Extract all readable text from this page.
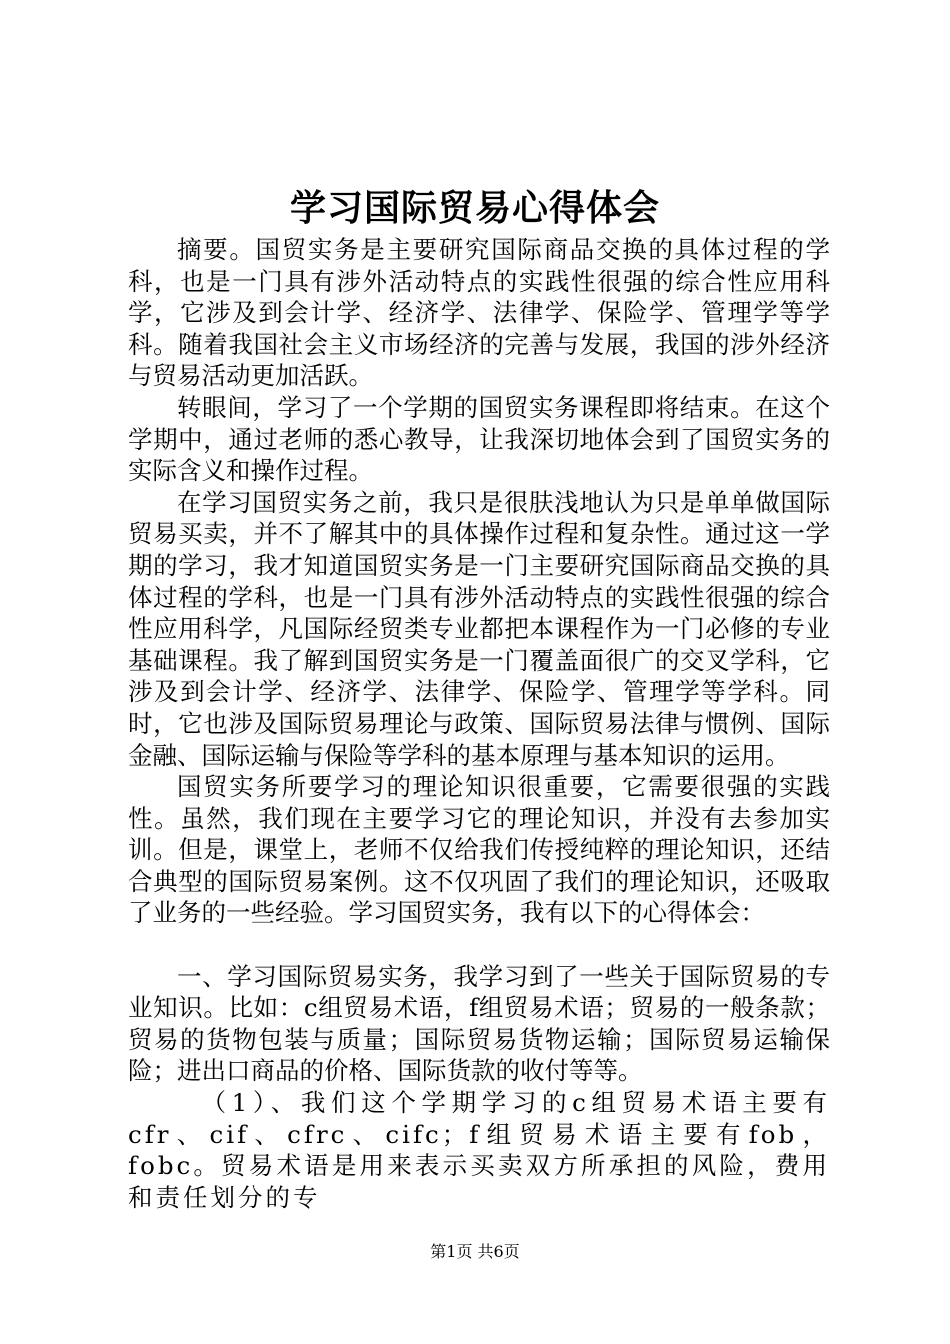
学习国际贸易心得体会

摘要。国贸实务是主要研究国际商品交换的具体过程的学科，也是一门具有涉外活动特点的实践性很强的综合性应用科学，它涉及到会计学、经济学、法律学、保险学、管理学等学科。随着我国社会主义市场经济的完善与发展，我国的涉外经济与贸易活动更加活跃。

转眼间，学习了一个学期的国贸实务课程即将结束。在这个学期中，通过老师的悉心教导，让我深切地体会到了国贸实务的实际含义和操作过程。

在学习国贸实务之前，我只是很肤浅地认为只是单单做国际贸易买卖，并不了解其中的具体操作过程和复杂性。通过这一学期的学习，我才知道国贸实务是一门主要研究国际商品交换的具体过程的学科，也是一门具有涉外活动特点的实践性很强的综合性应用科学，凡国际经贸类专业都把本课程作为一门必修的专业基础课程。我了解到国贸实务是一门覆盖面很广的交叉学科，它涉及到会计学、经济学、法律学、保险学、管理学等学科。同时，它也涉及国际贸易理论与政策、国际贸易法律与惯例、国际金融、国际运输与保险等学科的基本原理与基本知识的运用。

国贸实务所要学习的理论知识很重要，它需要很强的实践性。虽然，我们现在主要学习它的理论知识，并没有去参加实训。但是，课堂上，老师不仅给我们传授纯粹的理论知识，还结合典型的国际贸易案例。这不仅巩固了我们的理论知识，还吸取了业务的一些经验。学习国贸实务，我有以下的心得体会：

一、学习国际贸易实务，我学习到了一些关于国际贸易的专业知识。比如：c组贸易术语，f组贸易术语；贸易的一般条款；贸易的货物包装与质量；国际贸易货物运输；国际贸易运输保险；进出口商品的价格、国际货款的收付等等。

（1）、我们这个学期学习的c组贸易术语主要有cfr、cif、cfrc、cifc；f组贸易术语主要有fob，fobc。贸易术语是用来表示买卖双方所承担的风险，费用和责任划分的专

第1页 共6页
